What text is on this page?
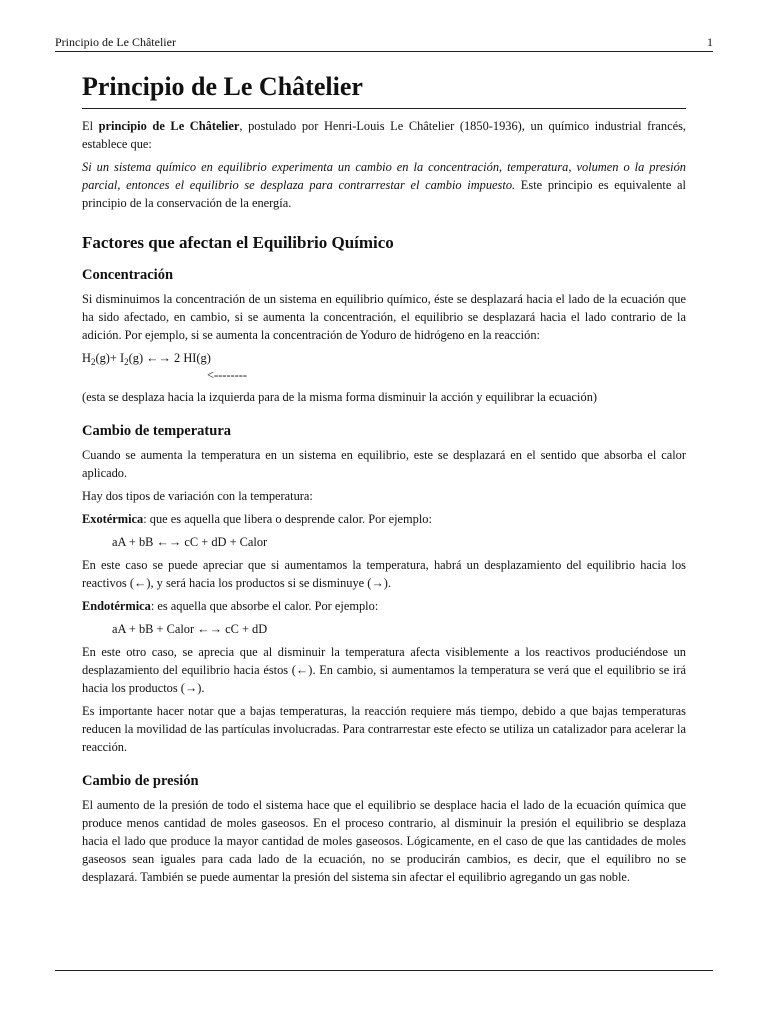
Principio de Le Châtelier	1
Principio de Le Châtelier

El principio de Le Châtelier, postulado por Henri-Louis Le Châtelier (1850-1936), un químico industrial francés, establece que:

Si un sistema químico en equilibrio experimenta un cambio en la concentración, temperatura, volumen o la presión parcial, entonces el equilibrio se desplaza para contrarrestar el cambio impuesto. Este principio es equivalente al principio de la conservación de la energía.

Factores que afectan el Equilibrio Químico
Concentración

Si disminuimos la concentración de un sistema en equilibrio químico, éste se desplazará hacia el lado de la ecuación que ha sido afectado, en cambio, si se aumenta la concentración, el equilibrio se desplazará hacia el lado contrario de la adición. Por ejemplo, si se aumenta la concentración de Yoduro de hidrógeno en la reacción:

$H_2(g)+ I_2(g)$ ←→ 2 HI(g)

<--------

(esta se desplaza hacia la izquierda para de la misma forma disminuir la acción y equilibrar la ecuación)

Cambio de temperatura

Cuando se aumenta la temperatura en un sistema en equilibrio, este se desplazará en el sentido que absorba el calor aplicado.

Hay dos tipos de variación con la temperatura:

Exotérmica: que es aquella que libera o desprende calor. Por ejemplo:

aA + bB ←→ cC + dD + Calor

En este caso se puede apreciar que si aumentamos la temperatura, habrá un desplazamiento del equilibrio hacia los reactivos (←), y será hacia los productos si se disminuye (→).

Endotérmica: es aquella que absorbe el calor. Por ejemplo:

aA + bB + Calor ←→ cC + dD

En este otro caso, se aprecia que al disminuir la temperatura afecta visiblemente a los reactivos produciéndose un desplazamiento del equilibrio hacia éstos (←). En cambio, si aumentamos la temperatura se verá que el equilibrio se irá hacia los productos (→).

Es importante hacer notar que a bajas temperaturas, la reacción requiere más tiempo, debido a que bajas temperaturas reducen la movilidad de las partículas involucradas. Para contrarrestar este efecto se utiliza un catalizador para acelerar la reacción.

Cambio de presión

El aumento de la presión de todo el sistema hace que el equilibrio se desplace hacia el lado de la ecuación química que produce menos cantidad de moles gaseosos. En el proceso contrario, al disminuir la presión el equilibrio se desplaza hacia el lado que produce la mayor cantidad de moles gaseosos. Lógicamente, en el caso de que las cantidades de moles gaseosos sean iguales para cada lado de la ecuación, no se producirán cambios, es decir, que el equilibro no se desplazará. También se puede aumentar la presión del sistema sin afectar el equilibrio agregando un gas noble.
